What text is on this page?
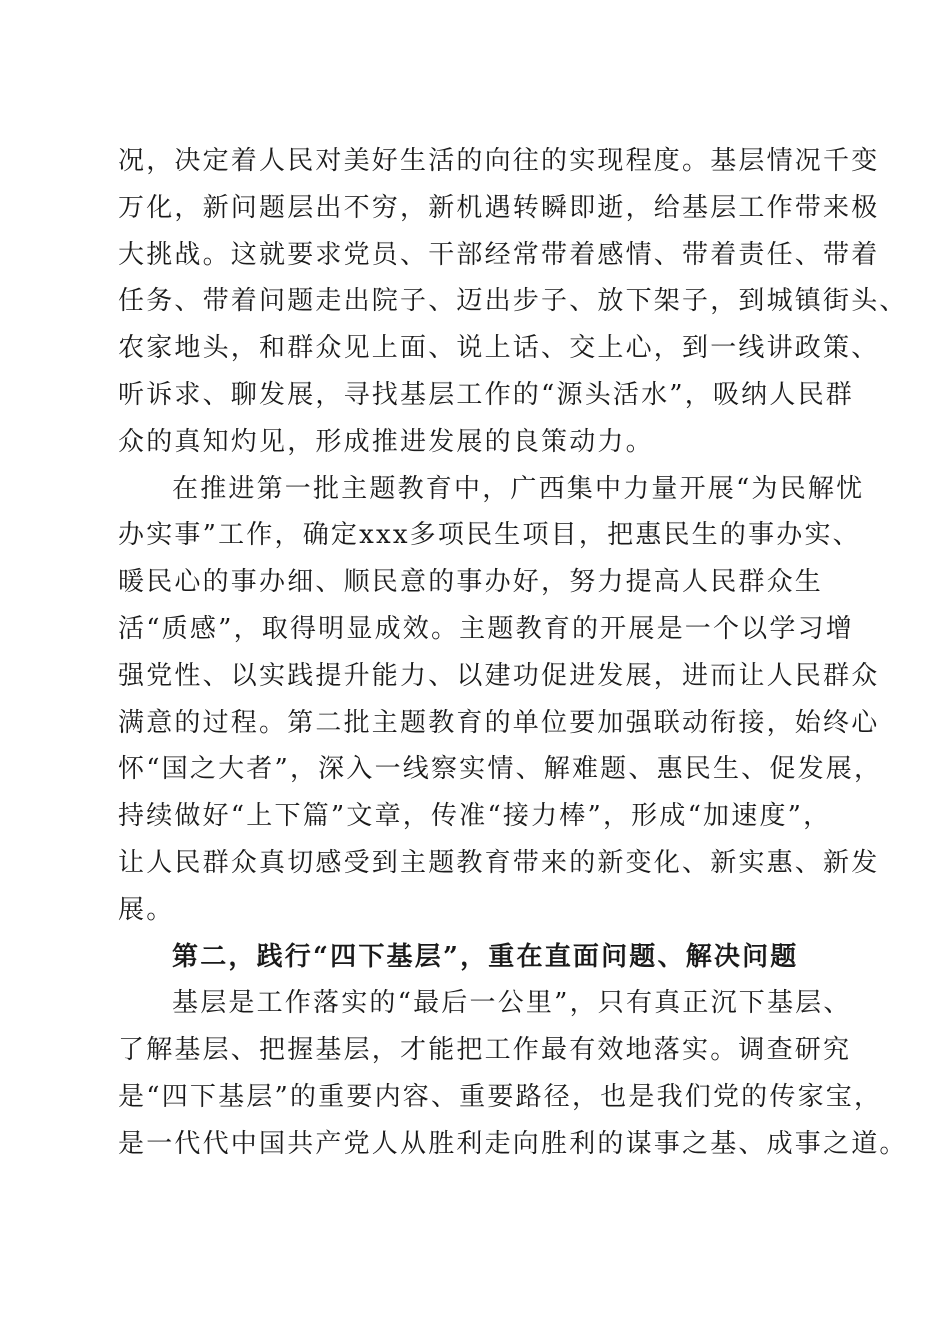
况，决定着人民对美好生活的向往的实现程度。基层情况千变
万化，新问题层出不穷，新机遇转瞬即逝，给基层工作带来极
大挑战。这就要求党员、干部经常带着感情、带着责任、带着
任务、带着问题走出院子、迈出步子、放下架子，到城镇街头、
农家地头，和群众见上面、说上话、交上心，到一线讲政策、
听诉求、聊发展，寻找基层工作的“源头活水”，吸纳人民群
众的真知灼见，形成推进发展的良策动力。
在推进第一批主题教育中，广西集中力量开展“为民解忧
办实事”工作，确定xxx多项民生项目，把惠民生的事办实、
暖民心的事办细、顺民意的事办好，努力提高人民群众生
活“质感”，取得明显成效。主题教育的开展是一个以学习增
强党性、以实践提升能力、以建功促进发展，进而让人民群众
满意的过程。第二批主题教育的单位要加强联动衔接，始终心
怀“国之大者”，深入一线察实情、解难题、惠民生、促发展，
持续做好“上下篇”文章，传准“接力棒”，形成“加速度”，
让人民群众真切感受到主题教育带来的新变化、新实惠、新发
展。
第二，践行“四下基层”，重在直面问题、解决问题
基层是工作落实的“最后一公里”，只有真正沉下基层、
了解基层、把握基层，才能把工作最有效地落实。调查研究
是“四下基层”的重要内容、重要路径，也是我们党的传家宝，
是一代代中国共产党人从胜利走向胜利的谋事之基、成事之道。
